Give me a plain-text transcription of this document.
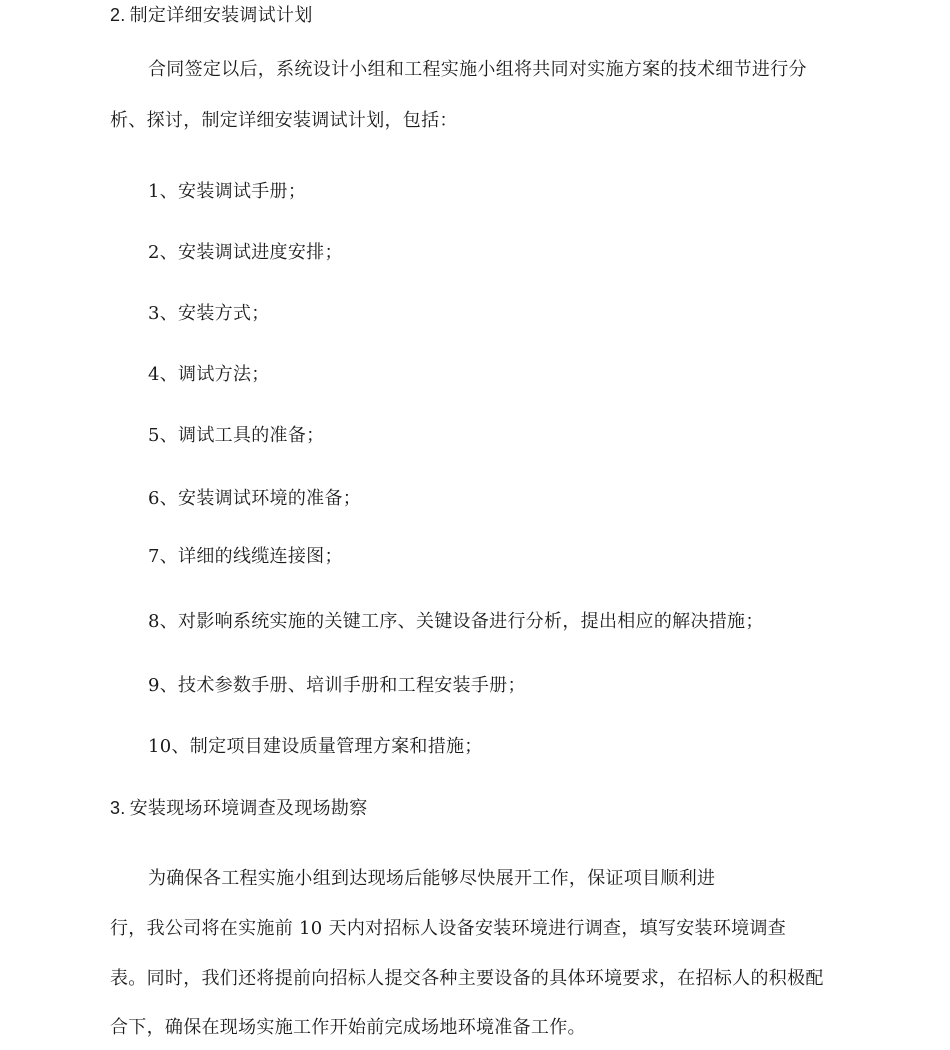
2. 制定详细安装调试计划
合同签定以后，系统设计小组和工程实施小组将共同对实施方案的技术细节进行分
析、探讨，制定详细安装调试计划，包括：
1、安装调试手册；
2、安装调试进度安排；
3、安装方式；
4、调试方法；
5、调试工具的准备；
6、安装调试环境的准备；
7、详细的线缆连接图；
8、对影响系统实施的关键工序、关键设备进行分析，提出相应的解决措施；
9、技术参数手册、培训手册和工程安装手册；
10、制定项目建设质量管理方案和措施；
3. 安装现场环境调查及现场勘察
为确保各工程实施小组到达现场后能够尽快展开工作，保证项目顺利进
行，我公司将在实施前 10 天内对招标人设备安装环境进行调查，填写安装环境调查
表。同时，我们还将提前向招标人提交各种主要设备的具体环境要求，在招标人的积极配
合下，确保在现场实施工作开始前完成场地环境准备工作。
